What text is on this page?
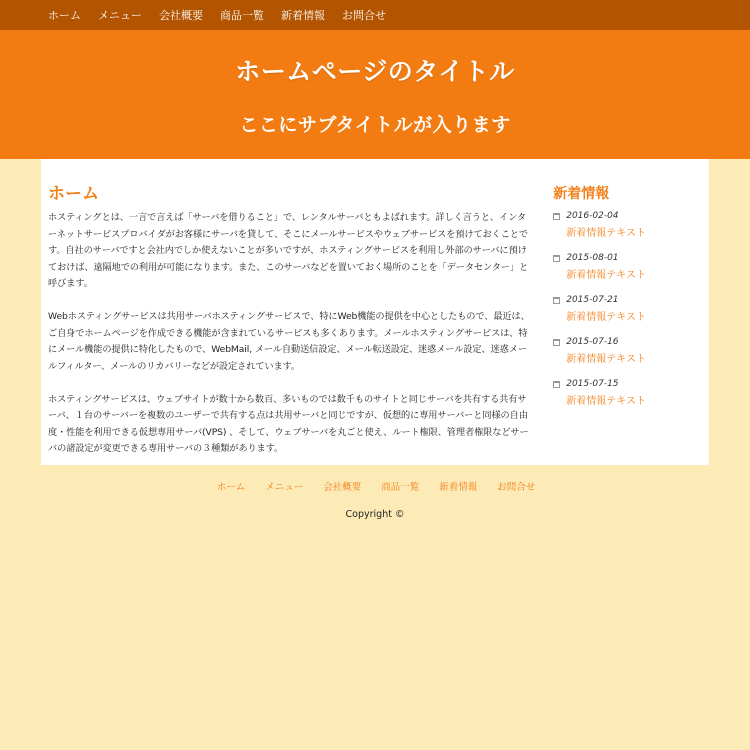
ホーム メニュー 会社概要 商品一覧 新着情報 お問合せ
ホームページのタイトル
ここにサブタイトルが入ります
ホーム

ホスティングとは、一言で言えば「サーバを借りること」で、レンタルサーバともよばれます。詳しく言うと、インターネットサービスプロバイダがお客様にサーバを貸して、そこにメールサービスやウェブサービスを預けておくことです。自社のサーバですと会社内でしか使えないことが多いですが、ホスティングサービスを利用し外部のサーバに預けておけば、遠隔地での利用が可能になります。また、このサーバなどを置いておく場所のことを「データセンター」と呼びます。

Webホスティングサービスは共用サーバホスティングサービスで、特にWeb機能の提供を中心としたもので、最近は、ご自身でホームページを作成できる機能が含まれているサービスも多くあります。メールホスティングサービスは、特にメール機能の提供に特化したもので、WebMail, メール自動送信設定、メール転送設定、迷惑メール設定、迷惑メールフィルター、メールのリカバリーなどが設定されています。

ホスティングサービスは、ウェブサイトが数十から数百、多いものでは数千ものサイトと同じサーバを共有する共有サーバ、１台のサーバーを複数のユーザーで共有する点は共用サーバと同じですが、仮想的に専用サーバーと同様の自由度・性能を利用できる仮想専用サーバ(VPS) 、そして、ウェブサーバを丸ごと使え、ルート権限、管理者権限などサーバの諸設定が変更できる専用サーバの３種類があります。

新着情報
2016-02-04
新着情報テキスト
2015-08-01
新着情報テキスト
2015-07-21
新着情報テキスト
2015-07-16
新着情報テキスト
2015-07-15
新着情報テキスト
ホーム メニュー 会社概要 商品一覧 新着情報 お問合せ
Copyright ©
